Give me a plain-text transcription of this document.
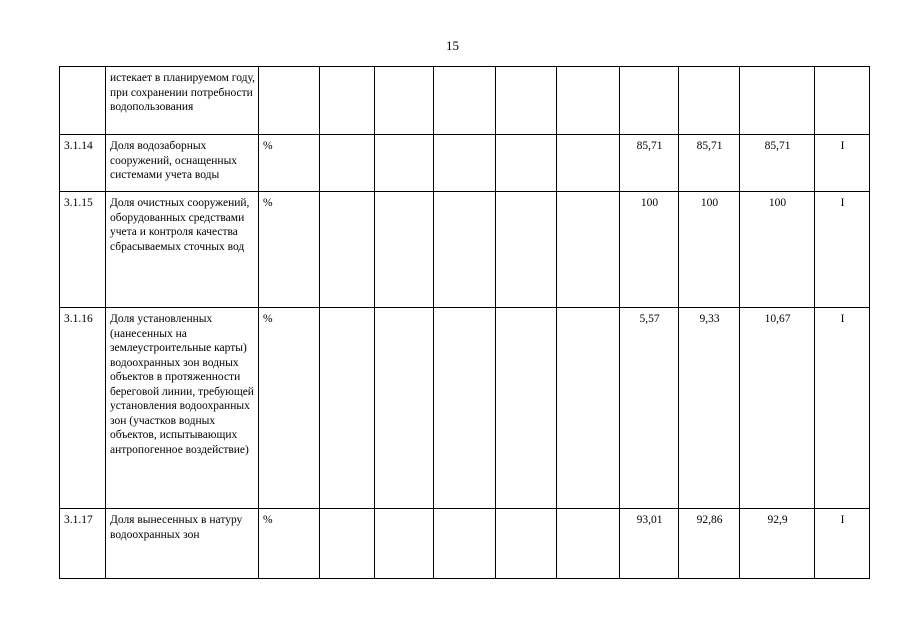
15
	истекает в планируемом году, при сохранении потребности водопользования										
3.1.14	Доля водозаборных сооружений, оснащенных системами учета воды	%						85,71	85,71	85,71	I
3.1.15	Доля очистных сооружений, оборудованных средствами учета и контроля качества сбрасываемых сточных вод	%						100	100	100	I
3.1.16	Доля установленных (нанесенных на землеустроительные карты) водоохранных зон водных объектов в протяженности береговой линии, требующей установления водоохранных зон (участков водных объектов, испытывающих антропогенное воздействие)	%						5,57	9,33	10,67	I
3.1.17	Доля вынесенных в натуру водоохранных зон	%						93,01	92,86	92,9	I
